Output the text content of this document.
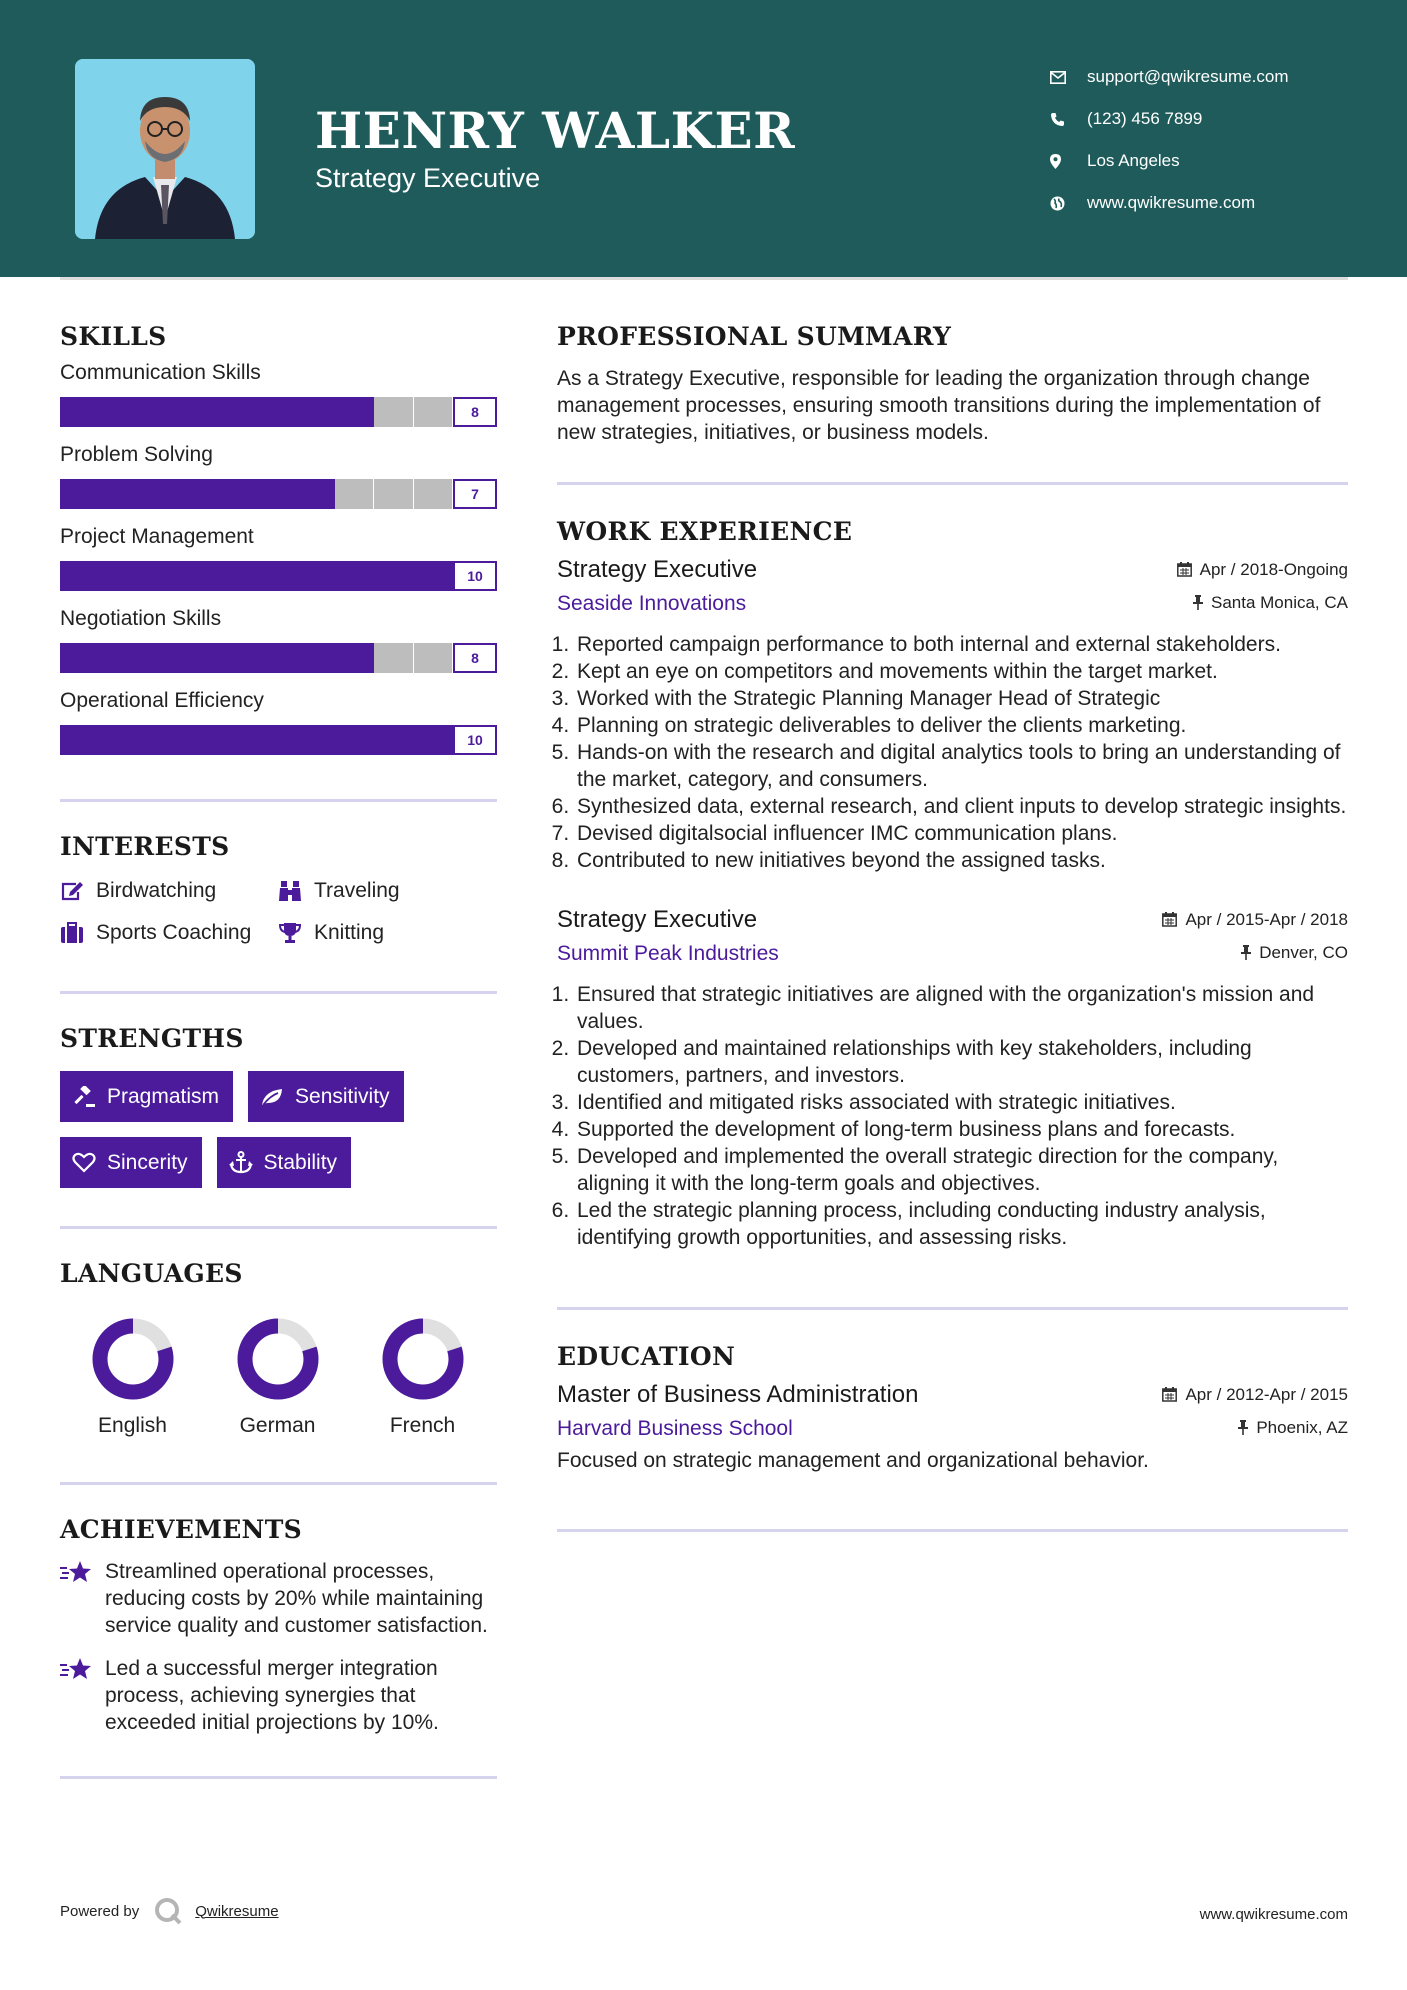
HENRY WALKER
Strategy Executive
support@qwikresume.com
(123) 456 7899
Los Angeles
www.qwikresume.com
SKILLS
Communication Skills
8
Problem Solving
7
Project Management
10
Negotiation Skills
8
Operational Efficiency
10
INTERESTS
Birdwatching	Traveling
Sports Coaching	Knitting
STRENGTHS
Pragmatism	Sensitivity
Sincerity	Stability
LANGUAGES
English	German	French
ACHIEVEMENTS
Streamlined operational processes, reducing costs by 20% while maintaining service quality and customer satisfaction.
Led a successful merger integration process, achieving synergies that exceeded initial projections by 10%.
PROFESSIONAL SUMMARY
As a Strategy Executive, responsible for leading the organization through change management processes, ensuring smooth transitions during the implementation of new strategies, initiatives, or business models.
WORK EXPERIENCE
Strategy Executive	Apr / 2018-Ongoing
Seaside Innovations	Santa Monica, CA
1. Reported campaign performance to both internal and external stakeholders.
2. Kept an eye on competitors and movements within the target market.
3. Worked with the Strategic Planning Manager Head of Strategic
4. Planning on strategic deliverables to deliver the clients marketing.
5. Hands-on with the research and digital analytics tools to bring an understanding of the market, category, and consumers.
6. Synthesized data, external research, and client inputs to develop strategic insights.
7. Devised digitalsocial influencer IMC communication plans.
8. Contributed to new initiatives beyond the assigned tasks.
Strategy Executive	Apr / 2015-Apr / 2018
Summit Peak Industries	Denver, CO
1. Ensured that strategic initiatives are aligned with the organization's mission and values.
2. Developed and maintained relationships with key stakeholders, including customers, partners, and investors.
3. Identified and mitigated risks associated with strategic initiatives.
4. Supported the development of long-term business plans and forecasts.
5. Developed and implemented the overall strategic direction for the company, aligning it with the long-term goals and objectives.
6. Led the strategic planning process, including conducting industry analysis, identifying growth opportunities, and assessing risks.
EDUCATION
Master of Business Administration	Apr / 2012-Apr / 2015
Harvard Business School	Phoenix, AZ
Focused on strategic management and organizational behavior.
Powered by	Qwikresume	www.qwikresume.com
